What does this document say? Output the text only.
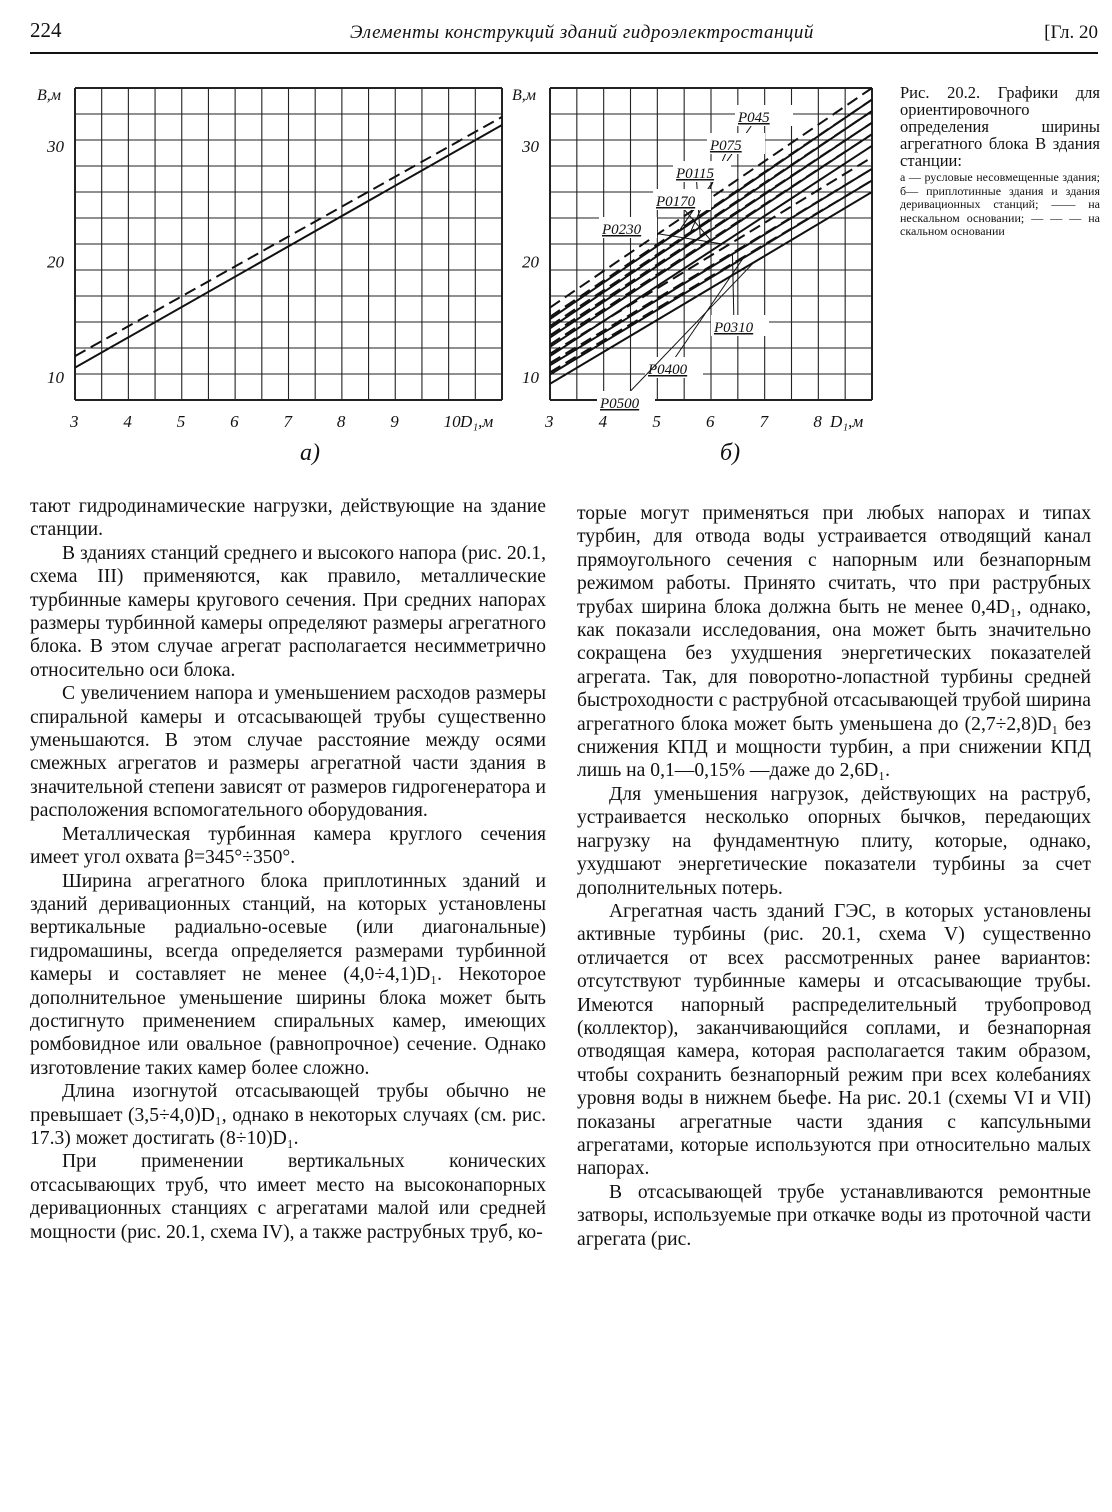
224	Элементы конструкций зданий гидроэлектростанций	[Гл. 20
3	4	5	6	7	8	9	10
10
20
30
В,м
D₁,м
а)
3	4	5	6	7	8
10
20
30
В,м
D₁,м
б)
Р045
Р075
Р0115
Р0170
Р0230
Р0310
Р0400
Р0500
Рис. 20.2. Графики для ориентировочного определения ширины агрегатного блока B здания станции:
а — русловые несовмещенные здания; б— приплотинные здания и здания деривационных станций; —— на нескальном основании; — — — на скальном основании

тают гидродинамические нагрузки, действующие на здание станции.

В зданиях станций среднего и высокого напора (рис. 20.1, схема III) применяются, как правило, металлические турбинные камеры кругового сечения. При средних напорах размеры турбинной камеры определяют размеры агрегатного блока. В этом случае агрегат располагается несимметрично относительно оси блока.

С увеличением напора и уменьшением расходов размеры спиральной камеры и отсасывающей трубы существенно уменьшаются. В этом случае расстояние между осями смежных агрегатов и размеры агрегатной части здания в значительной степени зависят от размеров гидрогенератора и расположения вспомогательного оборудования.

Металлическая турбинная камера круглого сечения имеет угол охвата β=345°÷350°.

Ширина агрегатного блока приплотинных зданий и зданий деривационных станций, на которых установлены вертикальные радиально-осевые (или диагональные) гидромашины, всегда определяется размерами турбинной камеры и составляет не менее (4,0÷4,1)D₁. Некоторое дополнительное уменьшение ширины блока может быть достигнуто применением спиральных камер, имеющих ромбовидное или овальное (равнопрочное) сечение. Однако изготовление таких камер более сложно.

Длина изогнутой отсасывающей трубы обычно не превышает (3,5÷4,0)D₁, однако в некоторых случаях (см. рис. 17.3) может достигать (8÷10)D₁.

При применении вертикальных конических отсасывающих труб, что имеет место на высоконапорных деривационных станциях с агрегатами малой или средней мощности (рис. 20.1, схема IV), а также раструбных труб, ко-

торые могут применяться при любых напорах и типах турбин, для отвода воды устраивается отводящий канал прямоугольного сечения с напорным или безнапорным режимом работы. Принято считать, что при раструбных трубах ширина блока должна быть не менее 0,4D₁, однако, как показали исследования, она может быть значительно сокращена без ухудшения энергетических показателей агрегата. Так, для поворотно-лопастной турбины средней быстроходности с раструбной отсасывающей трубой ширина агрегатного блока может быть уменьшена до (2,7÷2,8)D₁ без снижения КПД и мощности турбин, а при снижении КПД лишь на 0,1—0,15% —даже до 2,6D₁.

Для уменьшения нагрузок, действующих на раструб, устраивается несколько опорных бычков, передающих нагрузку на фундаментную плиту, которые, однако, ухудшают энергетические показатели турбины за счет дополнительных потерь.

Агрегатная часть зданий ГЭС, в которых установлены активные турбины (рис. 20.1, схема V) существенно отличается от всех рассмотренных ранее вариантов: отсутствуют турбинные камеры и отсасывающие трубы. Имеются напорный распределительный трубопровод (коллектор), заканчивающийся соплами, и безнапорная отводящая камера, которая располагается таким образом, чтобы сохранить безнапорный режим при всех колебаниях уровня воды в нижнем бьефе. На рис. 20.1 (схемы VI и VII) показаны агрегатные части здания с капсульными агрегатами, которые используются при относительно малых напорах.

В отсасывающей трубе устанавливаются ремонтные затворы, используемые при откачке воды из проточной части агрегата (рис.
